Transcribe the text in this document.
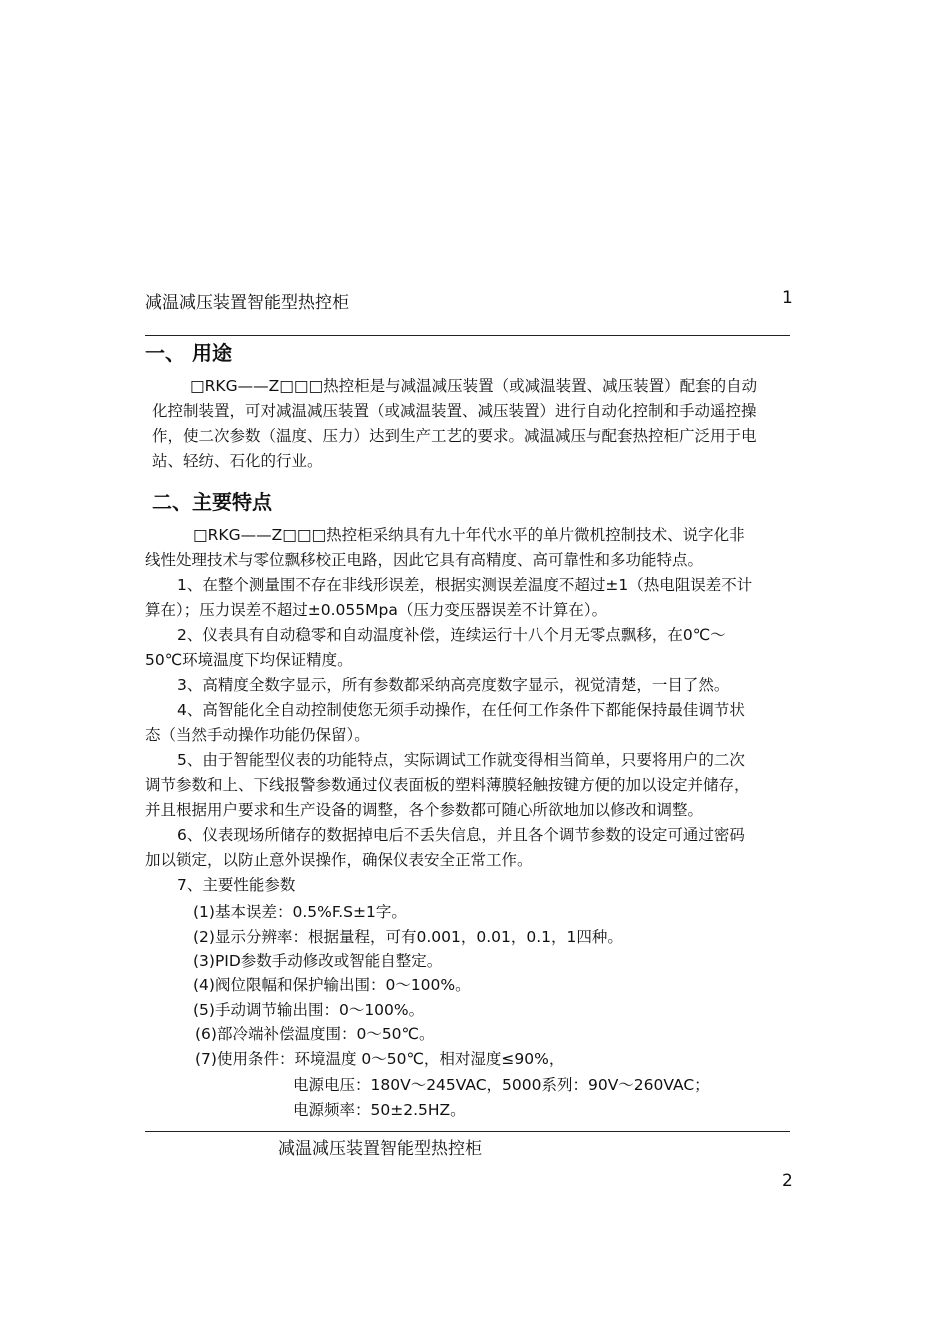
减温减压装置智能型热控柜	1
一、 用途
□RKG——Z□□□热控柜是与减温减压装置（或减温装置、减压装置）配套的自动
化控制装置，可对减温减压装置（或减温装置、减压装置）进行自动化控制和手动遥控操
作，使二次参数（温度、压力）达到生产工艺的要求。减温减压与配套热控柜广泛用于电
站、轻纺、石化的行业。
二、主要特点
□RKG——Z□□□热控柜采纳具有九十年代水平的单片微机控制技术、说字化非
线性处理技术与零位飘移校正电路，因此它具有高精度、高可靠性和多功能特点。
1、在整个测量围不存在非线形误差，根据实测误差温度不超过±1（热电阻误差不计
算在）；压力误差不超过±0.055Mpa（压力变压器误差不计算在）。
2、仪表具有自动稳零和自动温度补偿，连续运行十八个月无零点飘移，在0℃～
50℃环境温度下均保证精度。
3、高精度全数字显示，所有参数都采纳高亮度数字显示，视觉清楚，一目了然。
4、高智能化全自动控制使您无须手动操作，在任何工作条件下都能保持最佳调节状
态（当然手动操作功能仍保留）。
5、由于智能型仪表的功能特点，实际调试工作就变得相当简单，只要将用户的二次
调节参数和上、下线报警参数通过仪表面板的塑料薄膜轻触按键方便的加以设定并储存，
并且根据用户要求和生产设备的调整，各个参数都可随心所欲地加以修改和调整。
6、仪表现场所储存的数据掉电后不丢失信息，并且各个调节参数的设定可通过密码
加以锁定，以防止意外误操作，确保仪表安全正常工作。
7、主要性能参数
(1)基本误差：0.5%F.S±1字。
(2)显示分辨率：根据量程，可有0.001，0.01，0.1，1四种。
(3)PID参数手动修改或智能自整定。
(4)阀位限幅和保护输出围：0～100%。
(5)手动调节输出围：0～100%。
(6)部冷端补偿温度围：0～50℃。
(7)使用条件：环境温度 0～50℃，相对湿度≤90%，
电源电压：180V～245VAC，5000系列：90V～260VAC；
电源频率：50±2.5HZ。
减温减压装置智能型热控柜
2
